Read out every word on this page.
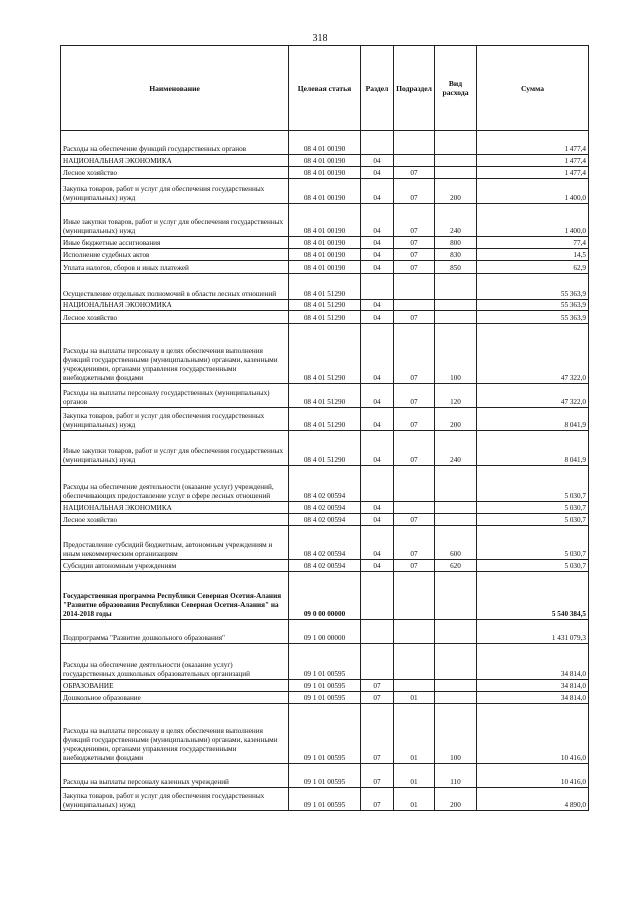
318
Наименование	Целевая статья	Раздел	Подраздел	Вид расхода	Сумма
Расходы на обеспечение функций государственных органов	08 4 01 00190				1 477,4
НАЦИОНАЛЬНАЯ ЭКОНОМИКА	08 4 01 00190	04			1 477,4
Лесное хозяйство	08 4 01 00190	04	07		1 477,4
Закупка товаров, работ и услуг для обеспечения государственных (муниципальных) нужд	08 4 01 00190	04	07	200	1 400,0
Иные закупки товаров, работ и услуг для обеспечения государственных (муниципальных) нужд	08 4 01 00190	04	07	240	1 400,0
Иные бюджетные ассигнования	08 4 01 00190	04	07	800	77,4
Исполнение судебных актов	08 4 01 00190	04	07	830	14,5
Уплата налогов, сборов и иных платежей	08 4 01 00190	04	07	850	62,9
Осуществление отдельных полномочий в области лесных отношений	08 4 01 51290				55 363,9
НАЦИОНАЛЬНАЯ ЭКОНОМИКА	08 4 01 51290	04			55 363,9
Лесное хозяйство	08 4 01 51290	04	07		55 363,9
Расходы на выплаты персоналу в целях обеспечения выполнения функций государственными (муниципальными) органами, казенными учреждениями, органами управления государственными внебюджетными фондами	08 4 01 51290	04	07	100	47 322,0
Расходы на выплаты персоналу государственных (муниципальных) органов	08 4 01 51290	04	07	120	47 322,0
Закупка товаров, работ и услуг для обеспечения государственных (муниципальных) нужд	08 4 01 51290	04	07	200	8 041,9
Иные закупки товаров, работ и услуг для обеспечения государственных (муниципальных) нужд	08 4 01 51290	04	07	240	8 041,9
Расходы на обеспечение деятельности (оказание услуг) учреждений, обеспечивающих предоставление услуг в сфере лесных отношений	08 4 02 00594				5 030,7
НАЦИОНАЛЬНАЯ ЭКОНОМИКА	08 4 02 00594	04			5 030,7
Лесное хозяйство	08 4 02 00594	04	07		5 030,7
Предоставление субсидий бюджетным, автономным учреждениям и иным некоммерческим организациям	08 4 02 00594	04	07	600	5 030,7
Субсидии автономным учреждениям	08 4 02 00594	04	07	620	5 030,7
Государственная программа Республики Северная Осетия-Алания "Развитие образования Республики Северная Осетия-Алания" на 2014-2018 годы	09 0 00 00000				5 540 384,5
Подпрограмма "Развитие дошкольного образования"	09 1 00 00000				1 431 079,3
Расходы на обеспечение деятельности (оказание услуг) государственных дошкольных образовательных организаций	09 1 01 00595				34 814,0
ОБРАЗОВАНИЕ	09 1 01 00595	07			34 814,0
Дошкольное образование	09 1 01 00595	07	01		34 814,0
Расходы на выплаты персоналу в целях обеспечения выполнения функций государственными (муниципальными) органами, казенными учреждениями, органами управления государственными внебюджетными фондами	09 1 01 00595	07	01	100	10 416,0
Расходы на выплаты персоналу казенных учреждений	09 1 01 00595	07	01	110	10 416,0
Закупка товаров, работ и услуг для обеспечения государственных (муниципальных) нужд	09 1 01 00595	07	01	200	4 890,0
